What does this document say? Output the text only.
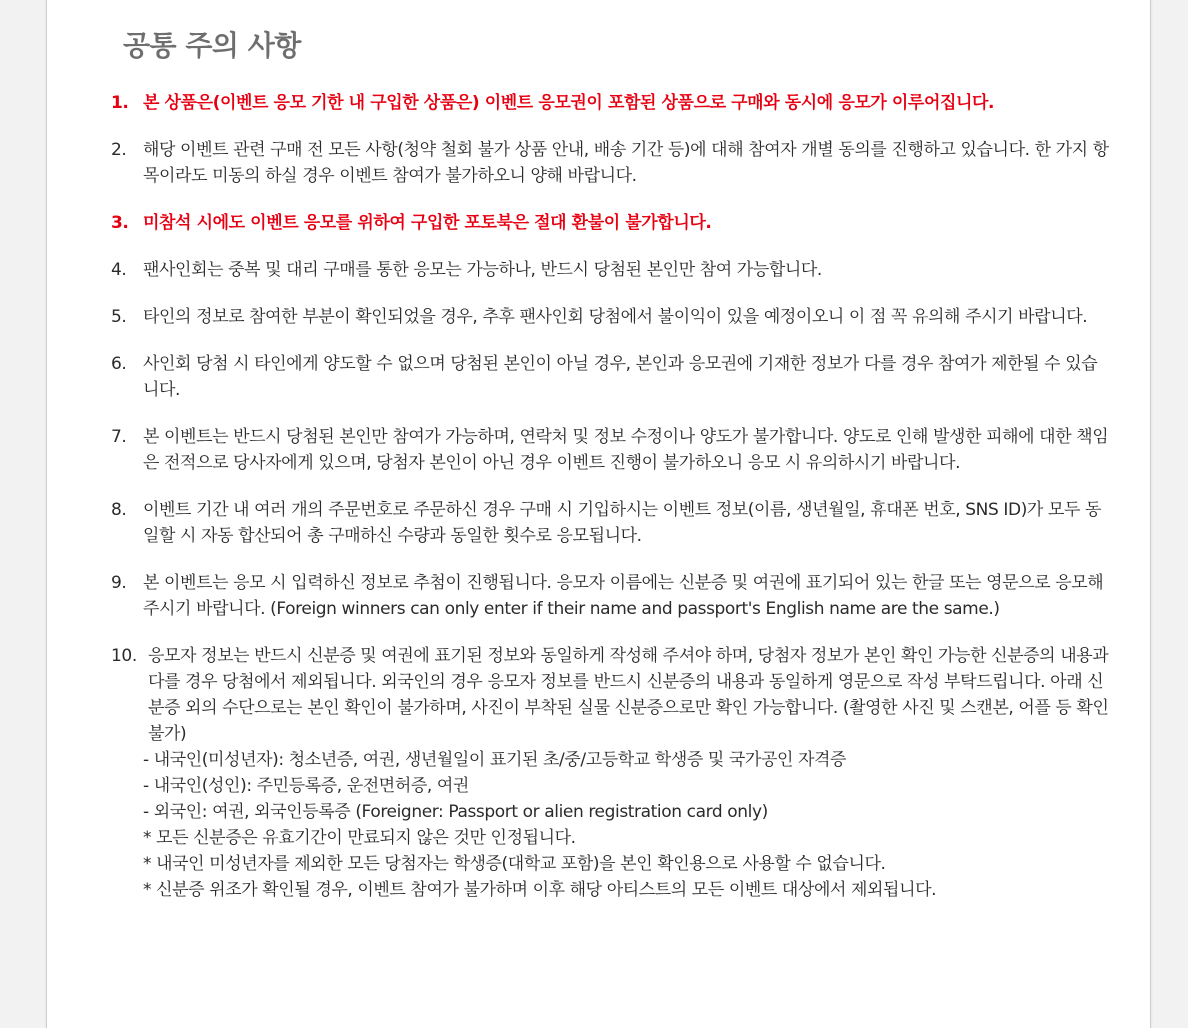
공통 주의 사항
1. 본 상품은(이벤트 응모 기한 내 구입한 상품은) 이벤트 응모권이 포함된 상품으로 구매와 동시에 응모가 이루어집니다.
2. 해당 이벤트 관련 구매 전 모든 사항(청약 철회 불가 상품 안내, 배송 기간 등)에 대해 참여자 개별 동의를 진행하고 있습니다. 한 가지 항목이라도 미동의 하실 경우 이벤트 참여가 불가하오니 양해 바랍니다.
3. 미참석 시에도 이벤트 응모를 위하여 구입한 포토북은 절대 환불이 불가합니다.
4. 팬사인회는 중복 및 대리 구매를 통한 응모는 가능하나, 반드시 당첨된 본인만 참여 가능합니다.
5. 타인의 정보로 참여한 부분이 확인되었을 경우, 추후 팬사인회 당첨에서 불이익이 있을 예정이오니 이 점 꼭 유의해 주시기 바랍니다.
6. 사인회 당첨 시 타인에게 양도할 수 없으며 당첨된 본인이 아닐 경우, 본인과 응모권에 기재한 정보가 다를 경우 참여가 제한될 수 있습니다.
7. 본 이벤트는 반드시 당첨된 본인만 참여가 가능하며, 연락처 및 정보 수정이나 양도가 불가합니다. 양도로 인해 발생한 피해에 대한 책임은 전적으로 당사자에게 있으며, 당첨자 본인이 아닌 경우 이벤트 진행이 불가하오니 응모 시 유의하시기 바랍니다.
8. 이벤트 기간 내 여러 개의 주문번호로 주문하신 경우 구매 시 기입하시는 이벤트 정보(이름, 생년월일, 휴대폰 번호, SNS ID)가 모두 동일할 시 자동 합산되어 총 구매하신 수량과 동일한 횟수로 응모됩니다.
9. 본 이벤트는 응모 시 입력하신 정보로 추첨이 진행됩니다. 응모자 이름에는 신분증 및 여권에 표기되어 있는 한글 또는 영문으로 응모해 주시기 바랍니다. (Foreign winners can only enter if their name and passport's English name are the same.)
10. 응모자 정보는 반드시 신분증 및 여권에 표기된 정보와 동일하게 작성해 주셔야 하며, 당첨자 정보가 본인 확인 가능한 신분증의 내용과 다를 경우 당첨에서 제외됩니다. 외국인의 경우 응모자 정보를 반드시 신분증의 내용과 동일하게 영문으로 작성 부탁드립니다. 아래 신분증 외의 수단으로는 본인 확인이 불가하며, 사진이 부착된 실물 신분증으로만 확인 가능합니다. (촬영한 사진 및 스캔본, 어플 등 확인 불가)
- 내국인(미성년자): 청소년증, 여권, 생년월일이 표기된 초/중/고등학교 학생증 및 국가공인 자격증
- 내국인(성인): 주민등록증, 운전면허증, 여권
- 외국인: 여권, 외국인등록증 (Foreigner: Passport or alien registration card only)
* 모든 신분증은 유효기간이 만료되지 않은 것만 인정됩니다.
* 내국인 미성년자를 제외한 모든 당첨자는 학생증(대학교 포함)을 본인 확인용으로 사용할 수 없습니다.
* 신분증 위조가 확인될 경우, 이벤트 참여가 불가하며 이후 해당 아티스트의 모든 이벤트 대상에서 제외됩니다.
